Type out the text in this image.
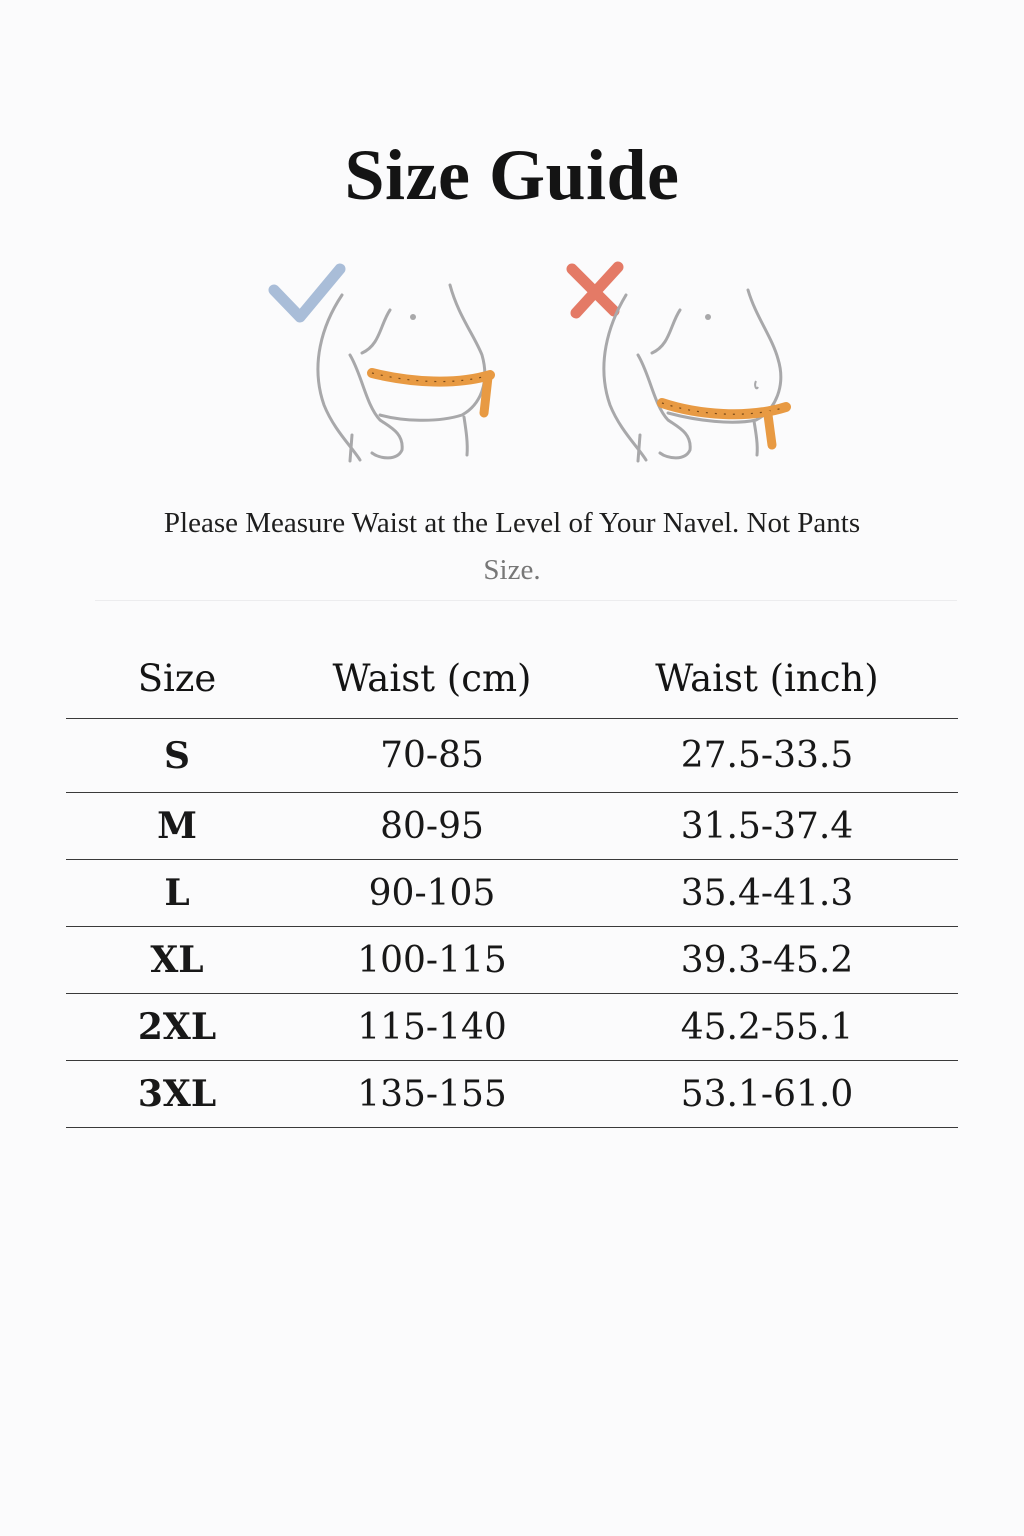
Size Guide
Please Measure Waist at the Level of Your Navel. Not Pants
Size.
Size	Waist (cm)	Waist (inch)
S	70-85	27.5-33.5
M	80-95	31.5-37.4
L	90-105	35.4-41.3
XL	100-115	39.3-45.2
2XL	115-140	45.2-55.1
3XL	135-155	53.1-61.0
